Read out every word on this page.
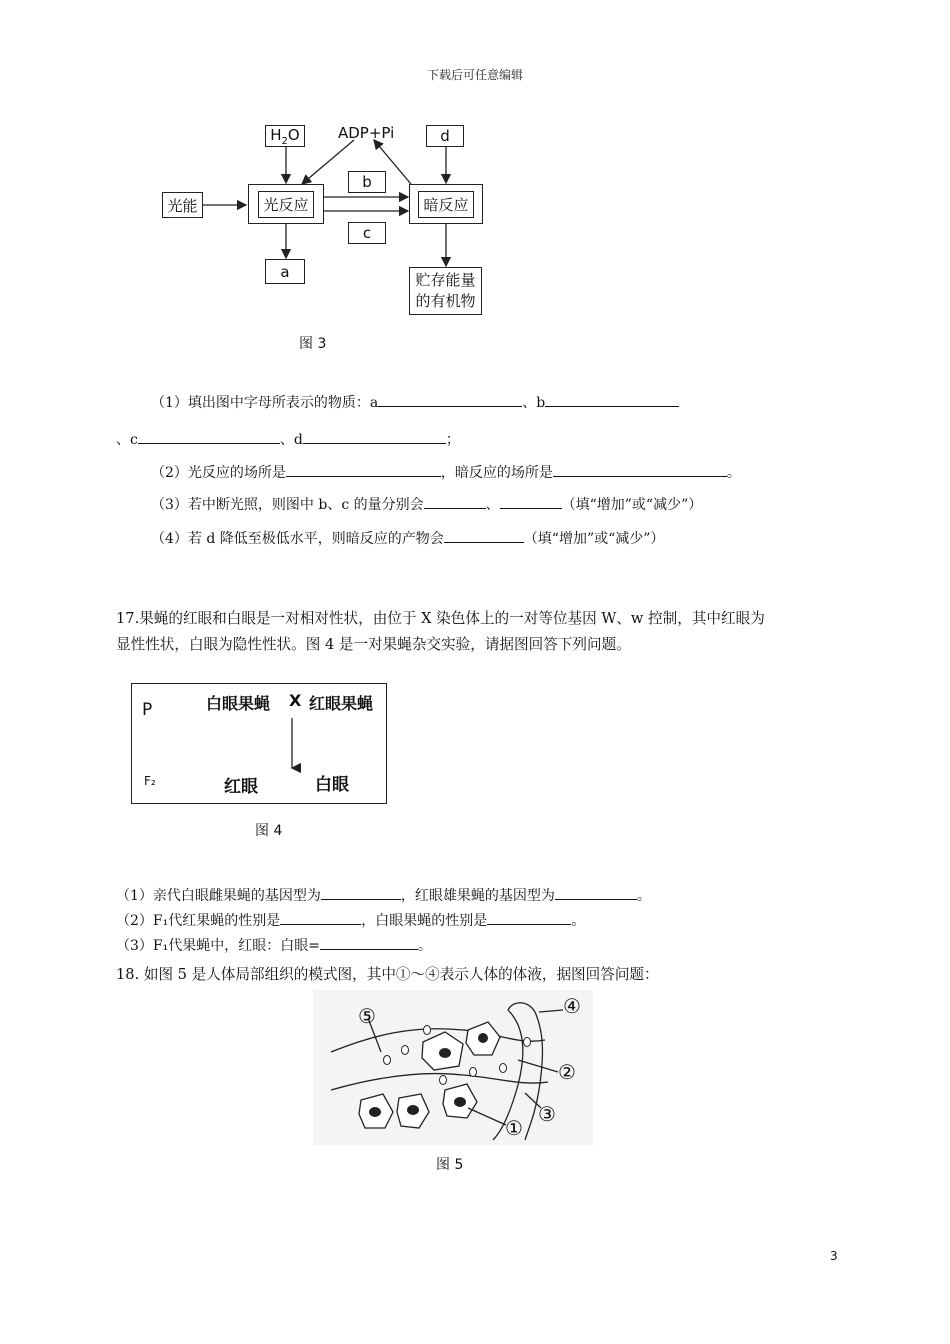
下载后可任意编辑
$H_2O$	ADP+Pi	d
光能	光反应	暗反应
b
c
a	贮存能量
的有机物
图 3
（1）填出图中字母所表示的物质：a	、b
、c	、d	；
（2）光反应的场所是	，暗反应的场所是	。
（3）若中断光照，则图中 b、c 的量分别会	、	（填“增加”或“减少”）
（4）若 d 降低至极低水平，则暗反应的产物会	（填“增加”或“减少”）
17.果蝇的红眼和白眼是一对相对性状，由位于 X 染色体上的一对等位基因 W、w 控制，其中红眼为
显性性状，白眼为隐性性状。图 4 是一对果蝇杂交实验，请据图回答下列问题。
P	白眼果蝇 X 红眼果蝇
F₂	红眼	白眼
图 4
（1）亲代白眼雌果蝇的基因型为	，红眼雄果蝇的基因型为	。
（2）F₁代红果蝇的性别是	，白眼果蝇的性别是	。
（3）F₁代果蝇中，红眼：白眼=	。
18. 如图 5 是人体局部组织的模式图，其中①～④表示人体的体液，据图回答问题：
⑤	④
②
③
①
图 5
3
